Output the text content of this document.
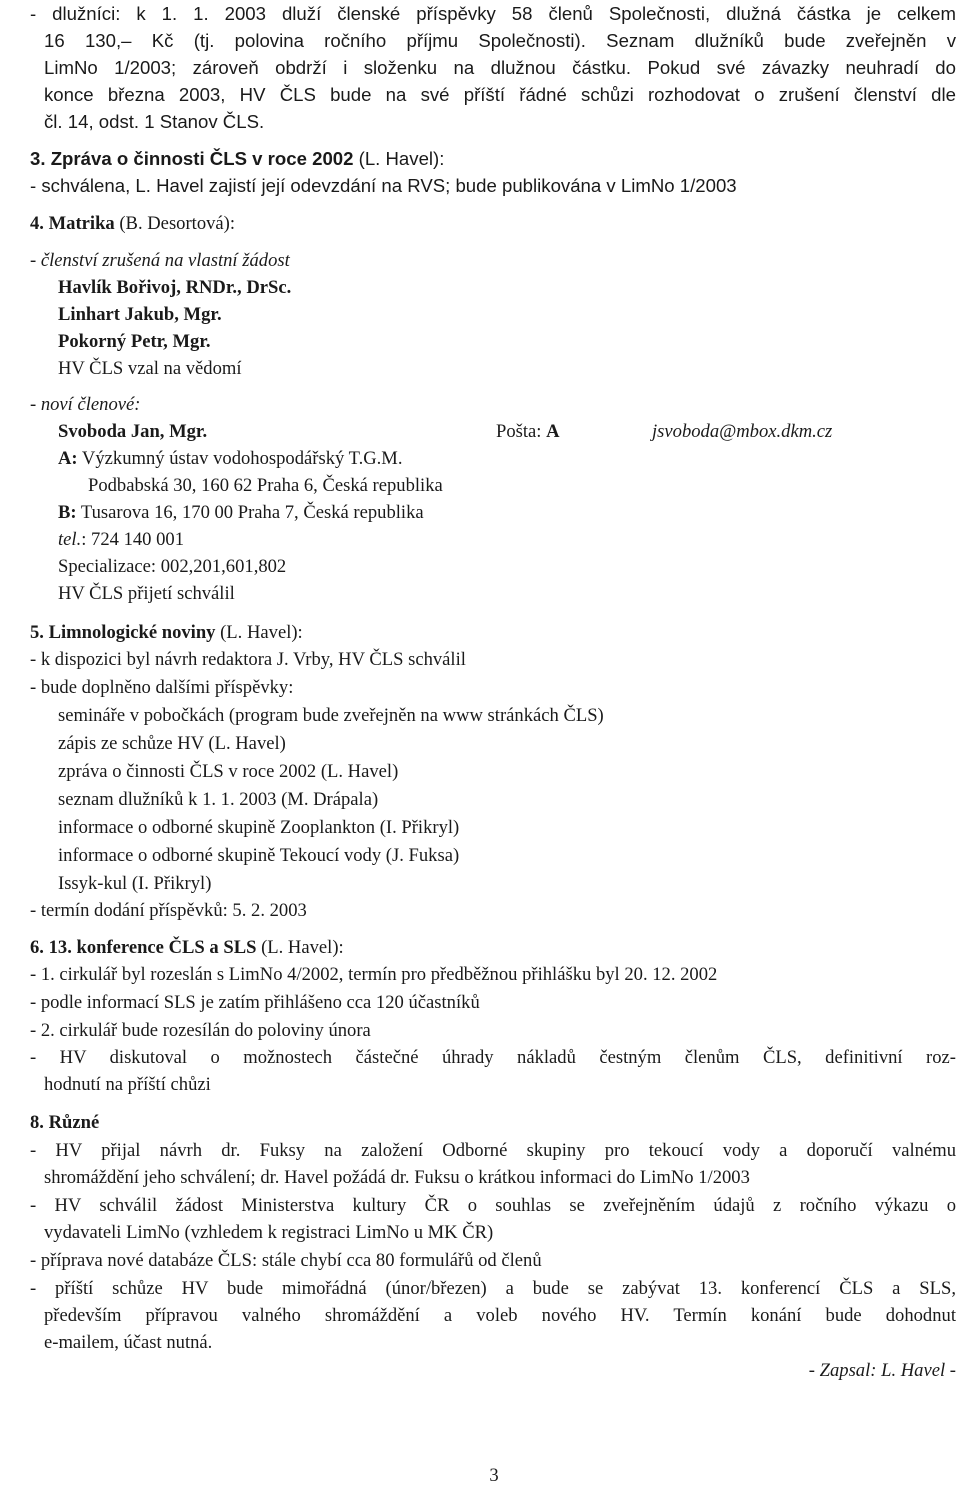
- dlužníci: k 1. 1. 2003 dluží členské příspěvky 58 členů Společnosti, dlužná částka je celkem
16 130,– Kč (tj. polovina ročního příjmu Společnosti). Seznam dlužníků bude zveřejněn v
LimNo 1/2003; zároveň obdrží i složenku na dlužnou částku. Pokud své závazky neuhradí do
konce března 2003, HV ČLS bude na své příští řádné schůzi rozhodovat o zrušení členství dle
čl. 14, odst. 1 Stanov ČLS.
3. Zpráva o činnosti ČLS v roce 2002 (L. Havel):
- schválena, L. Havel zajistí její odevzdání na RVS; bude publikována v LimNo 1/2003
4. Matrika (B. Desortová):
- členství zrušená na vlastní žádost
Havlík Bořivoj, RNDr., DrSc.
Linhart Jakub, Mgr.
Pokorný Petr, Mgr.
HV ČLS vzal na vědomí
- noví členové:
Svoboda Jan, Mgr.	Pošta: A	jsvoboda@mbox.dkm.cz
A: Výzkumný ústav vodohospodářský T.G.M.
Podbabská 30, 160 62 Praha 6, Česká republika
B: Tusarova 16, 170 00 Praha 7, Česká republika
tel.: 724 140 001
Specializace: 002,201,601,802
HV ČLS přijetí schválil
5. Limnologické noviny (L. Havel):
- k dispozici byl návrh redaktora J. Vrby, HV ČLS schválil
- bude doplněno dalšími příspěvky:
semináře v pobočkách (program bude zveřejněn na www stránkách ČLS)
zápis ze schůze HV (L. Havel)
zpráva o činnosti ČLS v roce 2002 (L. Havel)
seznam dlužníků k 1. 1. 2003 (M. Drápala)
informace o odborné skupině Zooplankton (I. Přikryl)
informace o odborné skupině Tekoucí vody (J. Fuksa)
Issyk-kul (I. Přikryl)
- termín dodání příspěvků: 5. 2. 2003
6. 13. konference ČLS a SLS (L. Havel):
- 1. cirkulář byl rozeslán s LimNo 4/2002, termín pro předběžnou přihlášku byl 20. 12. 2002
- podle informací SLS je zatím přihlášeno cca 120 účastníků
- 2. cirkulář bude rozesílán do poloviny února
- HV diskutoval o možnostech částečné úhrady nákladů čestným členům ČLS, definitivní roz-
hodnutí na příští chůzi
8. Různé
- HV přijal návrh dr. Fuksy na založení Odborné skupiny pro tekoucí vody a doporučí valnému
shromáždění jeho schválení; dr. Havel požádá dr. Fuksu o krátkou informaci do LimNo 1/2003
- HV schválil žádost Ministerstva kultury ČR o souhlas se zveřejněním údajů z ročního výkazu o
vydavateli LimNo (vzhledem k registraci LimNo u MK ČR)
- příprava nové databáze ČLS: stále chybí cca 80 formulářů od členů
- příští schůze HV bude mimořádná (únor/březen) a bude se zabývat 13. konferencí ČLS a SLS,
především přípravou valného shromáždění a voleb nového HV. Termín konání bude dohodnut
e-mailem, účast nutná.
- Zapsal: L. Havel -
3
